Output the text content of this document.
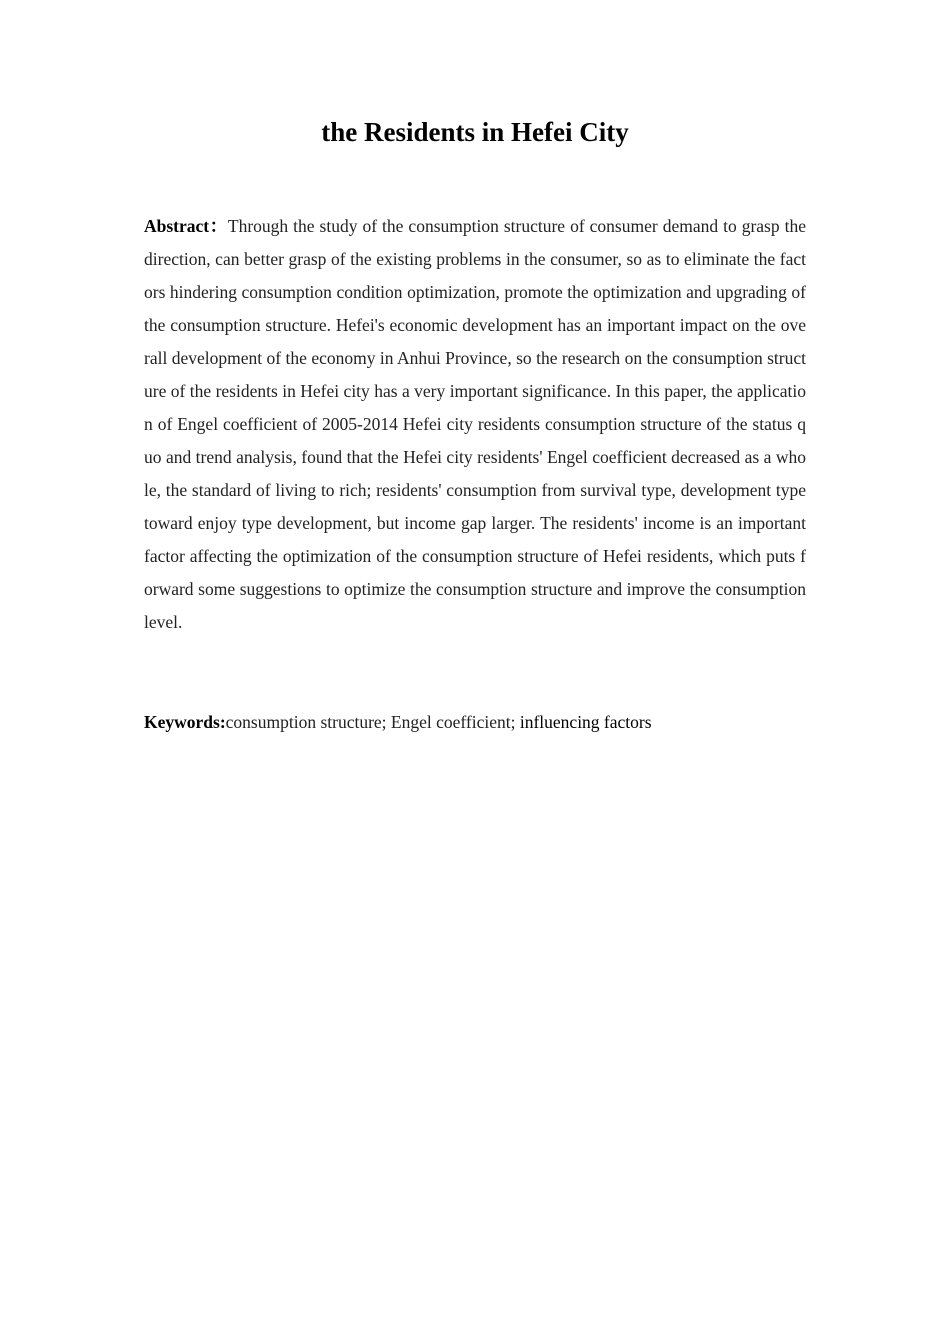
the Residents in Hefei City

Abstract：Through the study of the consumption structure of consumer demand to grasp the direction, can better grasp of the existing problems in the consumer, so as to eliminate the factors hindering consumption condition optimization, promote the optimization and upgrading of the consumption structure. Hefei's economic development has an important impact on the overall development of the economy in Anhui Province, so the research on the consumption structure of the residents in Hefei city has a very important significance. In this paper, the application of Engel coefficient of 2005-2014 Hefei city residents consumption structure of the status quo and trend analysis, found that the Hefei city residents' Engel coefficient decreased as a whole, the standard of living to rich; residents' consumption from survival type, development type toward enjoy type development, but income gap larger. The residents' income is an important factor affecting the optimization of the consumption structure of Hefei residents, which puts forward some suggestions to optimize the consumption structure and improve the consumption level.

Keywords:consumption structure; Engel coefficient; influencing factors
